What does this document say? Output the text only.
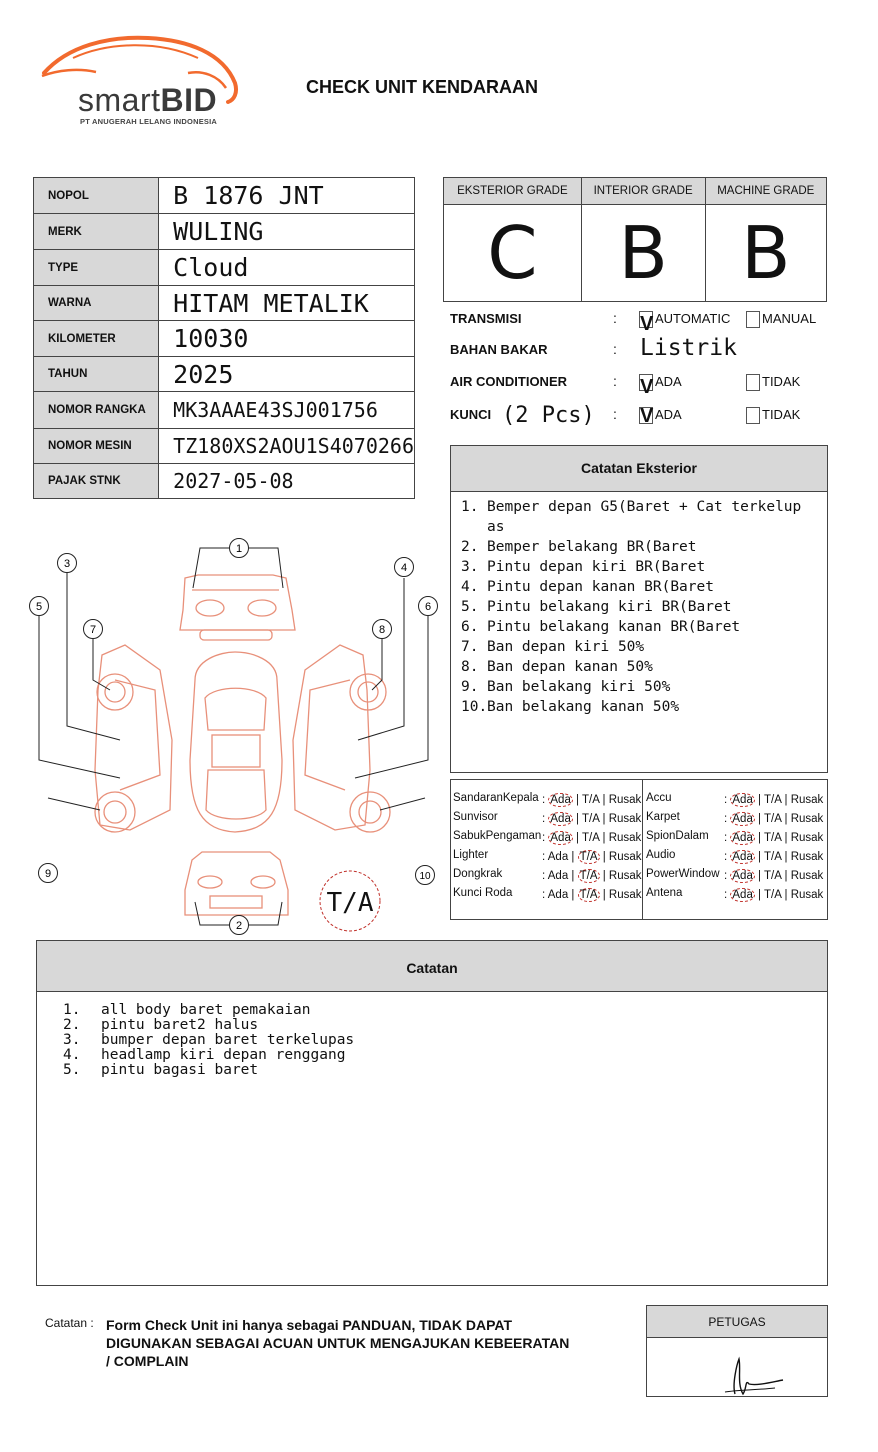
smartBID
PT ANUGERAH LELANG INDONESIA
CHECK UNIT KENDARAAN
NOPOL	B 1876 JNT
MERK	WULING
TYPE	Cloud
WARNA	HITAM METALIK
KILOMETER	10030
TAHUN	2025
NOMOR RANGKA	MK3AAAE43SJ001756
NOMOR MESIN	TZ180XS2AOU1S4070266
PAJAK STNK	2027-05-08
EKSTERIOR GRADE	INTERIOR GRADE	MACHINE GRADE
C	B	B
TRANSMISI	: V AUTOMATIC MANUAL
BAHAN BAKAR	: Listrik
AIR CONDITIONER	: V ADA	TIDAK
KUNCI (2 Pcs) : V ADA	TIDAK
Catatan Eksterior
1. Bemper depan G5(Baret + Cat terkelup
as
2. Bemper belakang BR(Baret
3. Pintu depan kiri BR(Baret
4. Pintu depan kanan BR(Baret
5. Pintu belakang kiri BR(Baret
6. Pintu belakang kanan BR(Baret
7. Ban depan kiri 50%
8. Ban depan kanan 50%
9. Ban belakang kiri 50%
10. Ban belakang kanan 50%
SandaranKepala : Ada | T/A | Rusak
Sunvisor	: Ada | T/A | Rusak
SabukPengaman : Ada | T/A | Rusak
Lighter	: Ada | T/A | Rusak
Dongkrak	: Ada | T/A | Rusak
Kunci Roda	: Ada | T/A | Rusak
Accu	: Ada | T/A | Rusak
Karpet	: Ada | T/A | Rusak
SpionDalam : Ada | T/A | Rusak
Audio	: Ada | T/A | Rusak
PowerWindow : Ada | T/A | Rusak
Antena	: Ada | T/A | Rusak
1
2
3	4
5	6
7	8
9	10
T/A
Catatan
1.	all body baret pemakaian
2.	pintu baret2 halus
3.	bumper depan baret terkelupas
4.	headlamp kiri depan renggang
5.	pintu bagasi baret
Catatan : Form Check Unit ini hanya sebagai PANDUAN, TIDAK DAPAT DIGUNAKAN SEBAGAI ACUAN UNTUK MENGAJUKAN KEBEERATAN / COMPLAIN
PETUGAS
